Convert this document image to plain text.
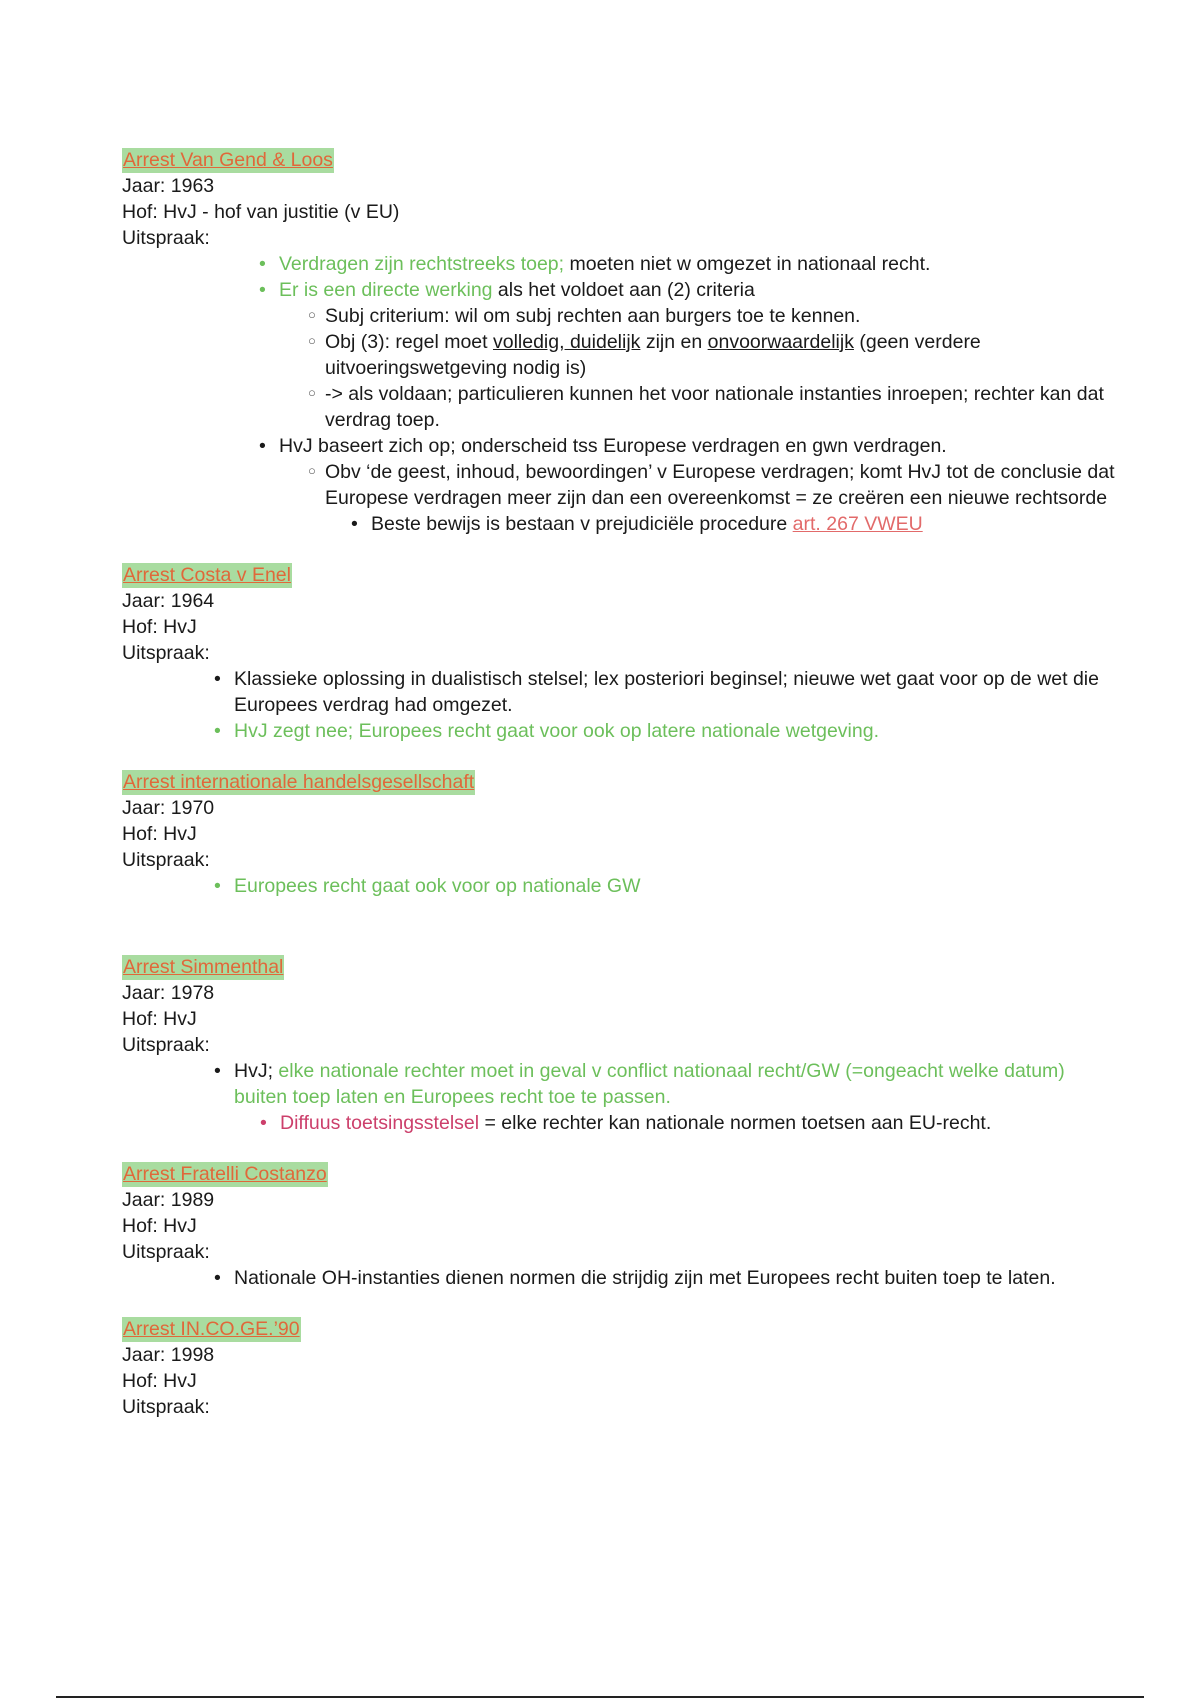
Arrest Van Gend & Loos
Jaar: 1963
Hof: HvJ - hof van justitie (v EU)
Uitspraak:
• Verdragen zijn rechtstreeks toep; moeten niet w omgezet in nationaal recht.
• Er is een directe werking als het voldoet aan (2) criteria
○ Subj criterium: wil om subj rechten aan burgers toe te kennen.
○ Obj (3): regel moet volledig, duidelijk zijn en onvoorwaardelijk (geen verdere uitvoeringswetgeving nodig is)
○ -> als voldaan; particulieren kunnen het voor nationale instanties inroepen; rechter kan dat verdrag toep.
• HvJ baseert zich op; onderscheid tss Europese verdragen en gwn verdragen.
○ Obv ‘de geest, inhoud, bewoordingen’ v Europese verdragen; komt HvJ tot de conclusie dat Europese verdragen meer zijn dan een overeenkomst = ze creëren een nieuwe rechtsorde
• Beste bewijs is bestaan v prejudiciële procedure art. 267 VWEU
Arrest Costa v Enel
Jaar: 1964
Hof: HvJ
Uitspraak:
• Klassieke oplossing in dualistisch stelsel; lex posteriori beginsel; nieuwe wet gaat voor op de wet die Europees verdrag had omgezet.
• HvJ zegt nee; Europees recht gaat voor ook op latere nationale wetgeving.
Arrest internationale handelsgesellschaft
Jaar: 1970
Hof: HvJ
Uitspraak:
• Europees recht gaat ook voor op nationale GW
Arrest Simmenthal
Jaar: 1978
Hof: HvJ
Uitspraak:
• HvJ; elke nationale rechter moet in geval v conflict nationaal recht/GW (=ongeacht welke datum) buiten toep laten en Europees recht toe te passen.
• Diffuus toetsingsstelsel = elke rechter kan nationale normen toetsen aan EU-recht.
Arrest Fratelli Costanzo
Jaar: 1989
Hof: HvJ
Uitspraak:
• Nationale OH-instanties dienen normen die strijdig zijn met Europees recht buiten toep te laten.
Arrest IN.CO.GE.’90
Jaar: 1998
Hof: HvJ
Uitspraak:
